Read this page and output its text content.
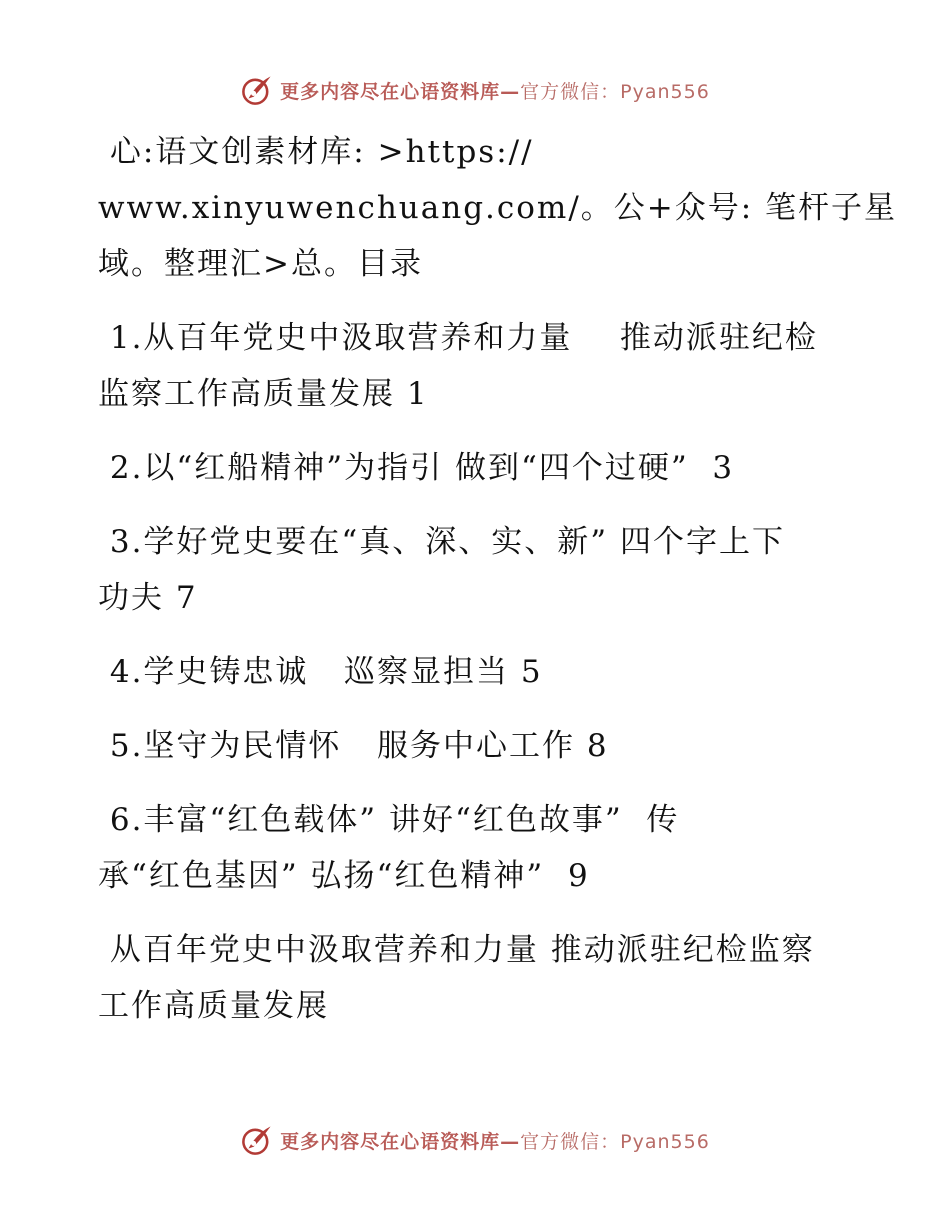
更多内容尽在心语资料库—官方微信：Pyan556
心:语文创素材库: >https://
www.xinyuwenchuang.com/。公+众号: 笔杆子星
域。整理汇>总。目录
1.从百年党史中汲取营养和力量    推动派驻纪检
监察工作高质量发展 1
2.以“红船精神”为指引 做到“四个过硬”  3
3.学好党史要在“真、深、实、新” 四个字上下
功夫 7
4.学史铸忠诚   巡察显担当 5
5.坚守为民情怀   服务中心工作 8
6.丰富“红色载体” 讲好“红色故事”  传
承“红色基因” 弘扬“红色精神”  9
从百年党史中汲取营养和力量 推动派驻纪检监察
工作高质量发展
更多内容尽在心语资料库—官方微信：Pyan556
